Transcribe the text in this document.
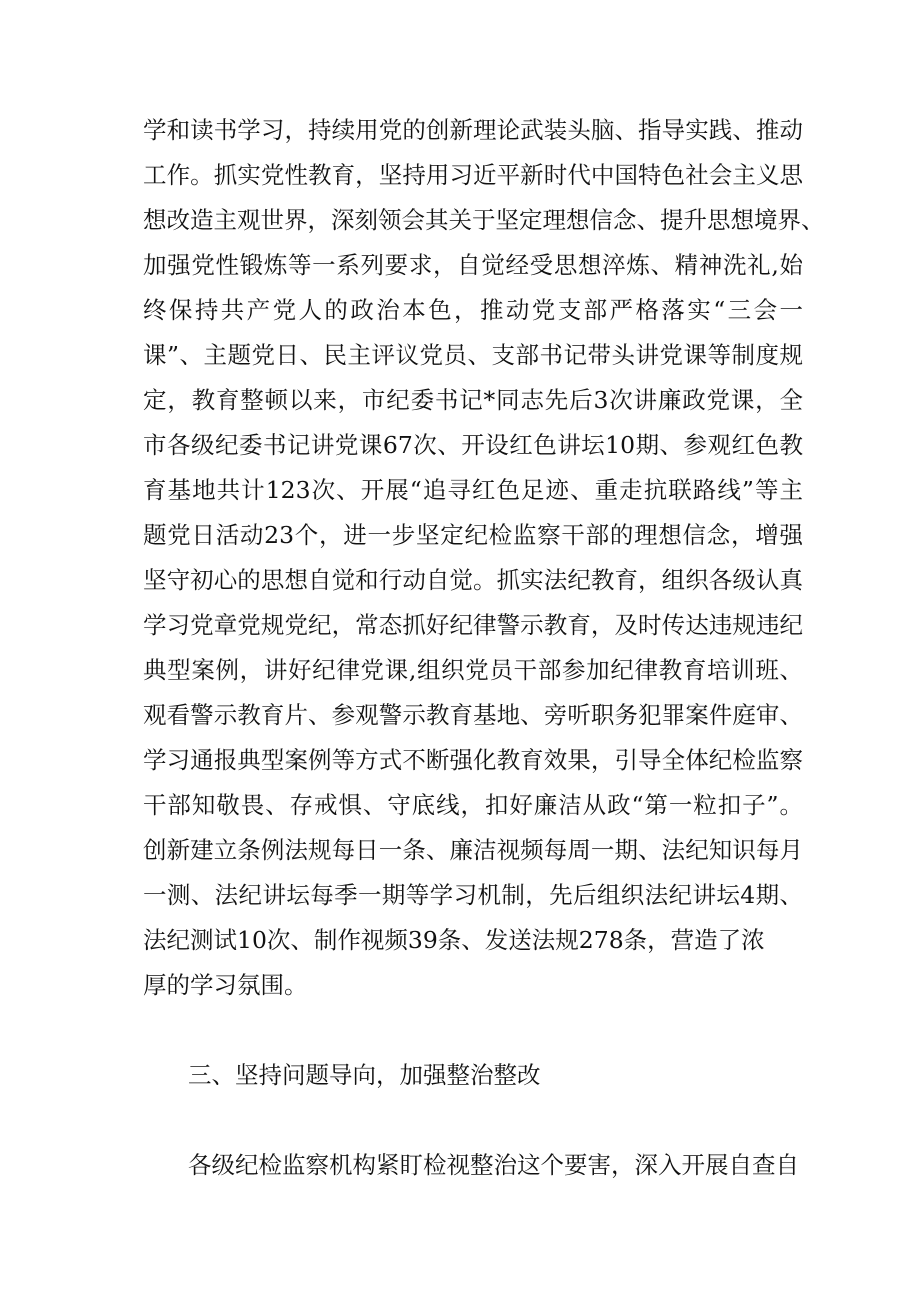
学和读书学习，持续用党的创新理论武装头脑、指导实践、推动
工作。抓实党性教育，坚持用习近平新时代中国特色社会主义思
想改造主观世界，深刻领会其关于坚定理想信念、提升思想境界、
加强党性锻炼等一系列要求，自觉经受思想淬炼、精神洗礼,始
终保持共产党人的政治本色，推动党支部严格落实“三会一
课”、主题党日、民主评议党员、支部书记带头讲党课等制度规
定，教育整顿以来，市纪委书记*同志先后3次讲廉政党课，全
市各级纪委书记讲党课67次、开设红色讲坛10期、参观红色教
育基地共计123次、开展“追寻红色足迹、重走抗联路线”等主
题党日活动23个，进一步坚定纪检监察干部的理想信念，增强
坚守初心的思想自觉和行动自觉。抓实法纪教育，组织各级认真
学习党章党规党纪，常态抓好纪律警示教育，及时传达违规违纪
典型案例，讲好纪律党课,组织党员干部参加纪律教育培训班、
观看警示教育片、参观警示教育基地、旁听职务犯罪案件庭审、
学习通报典型案例等方式不断强化教育效果，引导全体纪检监察
干部知敬畏、存戒惧、守底线，扣好廉洁从政“第一粒扣子”。
创新建立条例法规每日一条、廉洁视频每周一期、法纪知识每月
一测、法纪讲坛每季一期等学习机制，先后组织法纪讲坛4期、
法纪测试10次、制作视频39条、发送法规278条，营造了浓
厚的学习氛围。
三、坚持问题导向，加强整治整改
各级纪检监察机构紧盯检视整治这个要害，深入开展自查自
